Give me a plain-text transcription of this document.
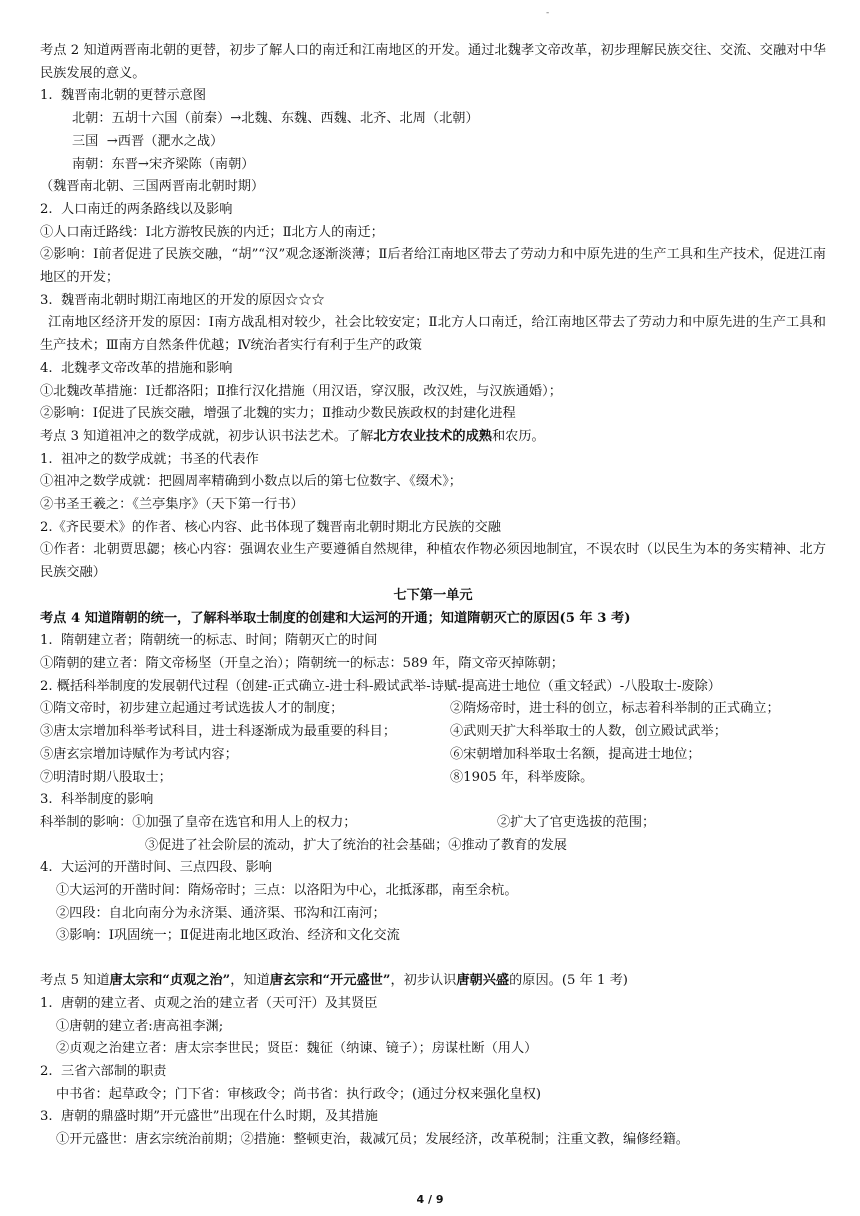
-

考点 2 知道两晋南北朝的更替，初步了解人口的南迁和江南地区的开发。通过北魏孝文帝改革，初步理解民族交往、交流、交融对中华民族发展的意义。

1.  魏晋南北朝的更替示意图

北朝：五胡十六国（前秦）→北魏、东魏、西魏、北齐、北周（北朝）

三国  →西晋（淝水之战）

南朝：东晋→宋齐梁陈（南朝）

（魏晋南北朝、三国两晋南北朝时期）

2.  人口南迁的两条路线以及影响

①人口南迁路线：Ⅰ北方游牧民族的内迁；Ⅱ北方人的南迁；

②影响：Ⅰ前者促进了民族交融，“胡”“汉”观念逐渐淡薄；Ⅱ后者给江南地区带去了劳动力和中原先进的生产工具和生产技术，促进江南地区的开发；

3.  魏晋南北朝时期江南地区的开发的原因☆☆☆

江南地区经济开发的原因：Ⅰ南方战乱相对较少，社会比较安定；Ⅱ北方人口南迁，给江南地区带去了劳动力和中原先进的生产工具和生产技术；Ⅲ南方自然条件优越；Ⅳ统治者实行有利于生产的政策

4.  北魏孝文帝改革的措施和影响

①北魏改革措施：Ⅰ迁都洛阳；Ⅱ推行汉化措施（用汉语，穿汉服，改汉姓，与汉族通婚）；

②影响：Ⅰ促进了民族交融，增强了北魏的实力；Ⅱ推动少数民族政权的封建化进程

考点 3 知道祖冲之的数学成就，初步认识书法艺术。了解北方农业技术的成熟和农历。

1.  祖冲之的数学成就；书圣的代表作

①祖冲之数学成就：把圆周率精确到小数点以后的第七位数字、《缀术》；

②书圣王羲之：《兰亭集序》（天下第一行书）

2.《齐民要术》的作者、核心内容、此书体现了魏晋南北朝时期北方民族的交融

①作者：北朝贾思勰；核心内容：强调农业生产要遵循自然规律，种植农作物必须因地制宜，不误农时（以民生为本的务实精神、北方民族交融）

七下第一单元

考点 4 知道隋朝的统一，了解科举取士制度的创建和大运河的开通；知道隋朝灭亡的原因(5 年 3 考)

1.  隋朝建立者；隋朝统一的标志、时间；隋朝灭亡的时间

①隋朝的建立者：隋文帝杨坚（开皇之治）；隋朝统一的标志：589 年，隋文帝灭掉陈朝；

2. 概括科举制度的发展朝代过程（创建-正式确立-进士科-殿试武举-诗赋-提高进士地位（重文轻武）-八股取士-废除）

①隋文帝时，初步建立起通过考试选拔人才的制度；	②隋炀帝时，进士科的创立，标志着科举制的正式确立；
③唐太宗增加科举考试科目，进士科逐渐成为最重要的科目；	④武则天扩大科举取士的人数，创立殿试武举；
⑤唐玄宗增加诗赋作为考试内容；	⑥宋朝增加科举取士名额，提高进士地位；
⑦明清时期八股取士；	⑧1905 年，科举废除。

3.  科举制度的影响

科举制的影响：①加强了皇帝在选官和用人上的权力；	②扩大了官吏选拔的范围；

③促进了社会阶层的流动，扩大了统治的社会基础；④推动了教育的发展

4.  大运河的开凿时间、三点四段、影响

①大运河的开凿时间：隋炀帝时；三点：以洛阳为中心，北抵涿郡，南至余杭。

②四段：自北向南分为永济渠、通济渠、邗沟和江南河；

③影响：Ⅰ巩固统一；Ⅱ促进南北地区政治、经济和文化交流

考点 5 知道唐太宗和“贞观之治”，知道唐玄宗和“开元盛世”，初步认识唐朝兴盛的原因。(5 年 1 考)

1.  唐朝的建立者、贞观之治的建立者（天可汗）及其贤臣

①唐朝的建立者:唐高祖李渊;

②贞观之治建立者：唐太宗李世民；贤臣：魏征（纳谏、镜子）；房谋杜断（用人）

2.  三省六部制的职责

中书省：起草政令；门下省：审核政令；尚书省：执行政令；(通过分权来强化皇权)

3.  唐朝的鼎盛时期”开元盛世”出现在什么时期，及其措施

①开元盛世：唐玄宗统治前期；②措施：整顿吏治，裁减冗员；发展经济，改革税制；注重文教，编修经籍。

4 / 9
